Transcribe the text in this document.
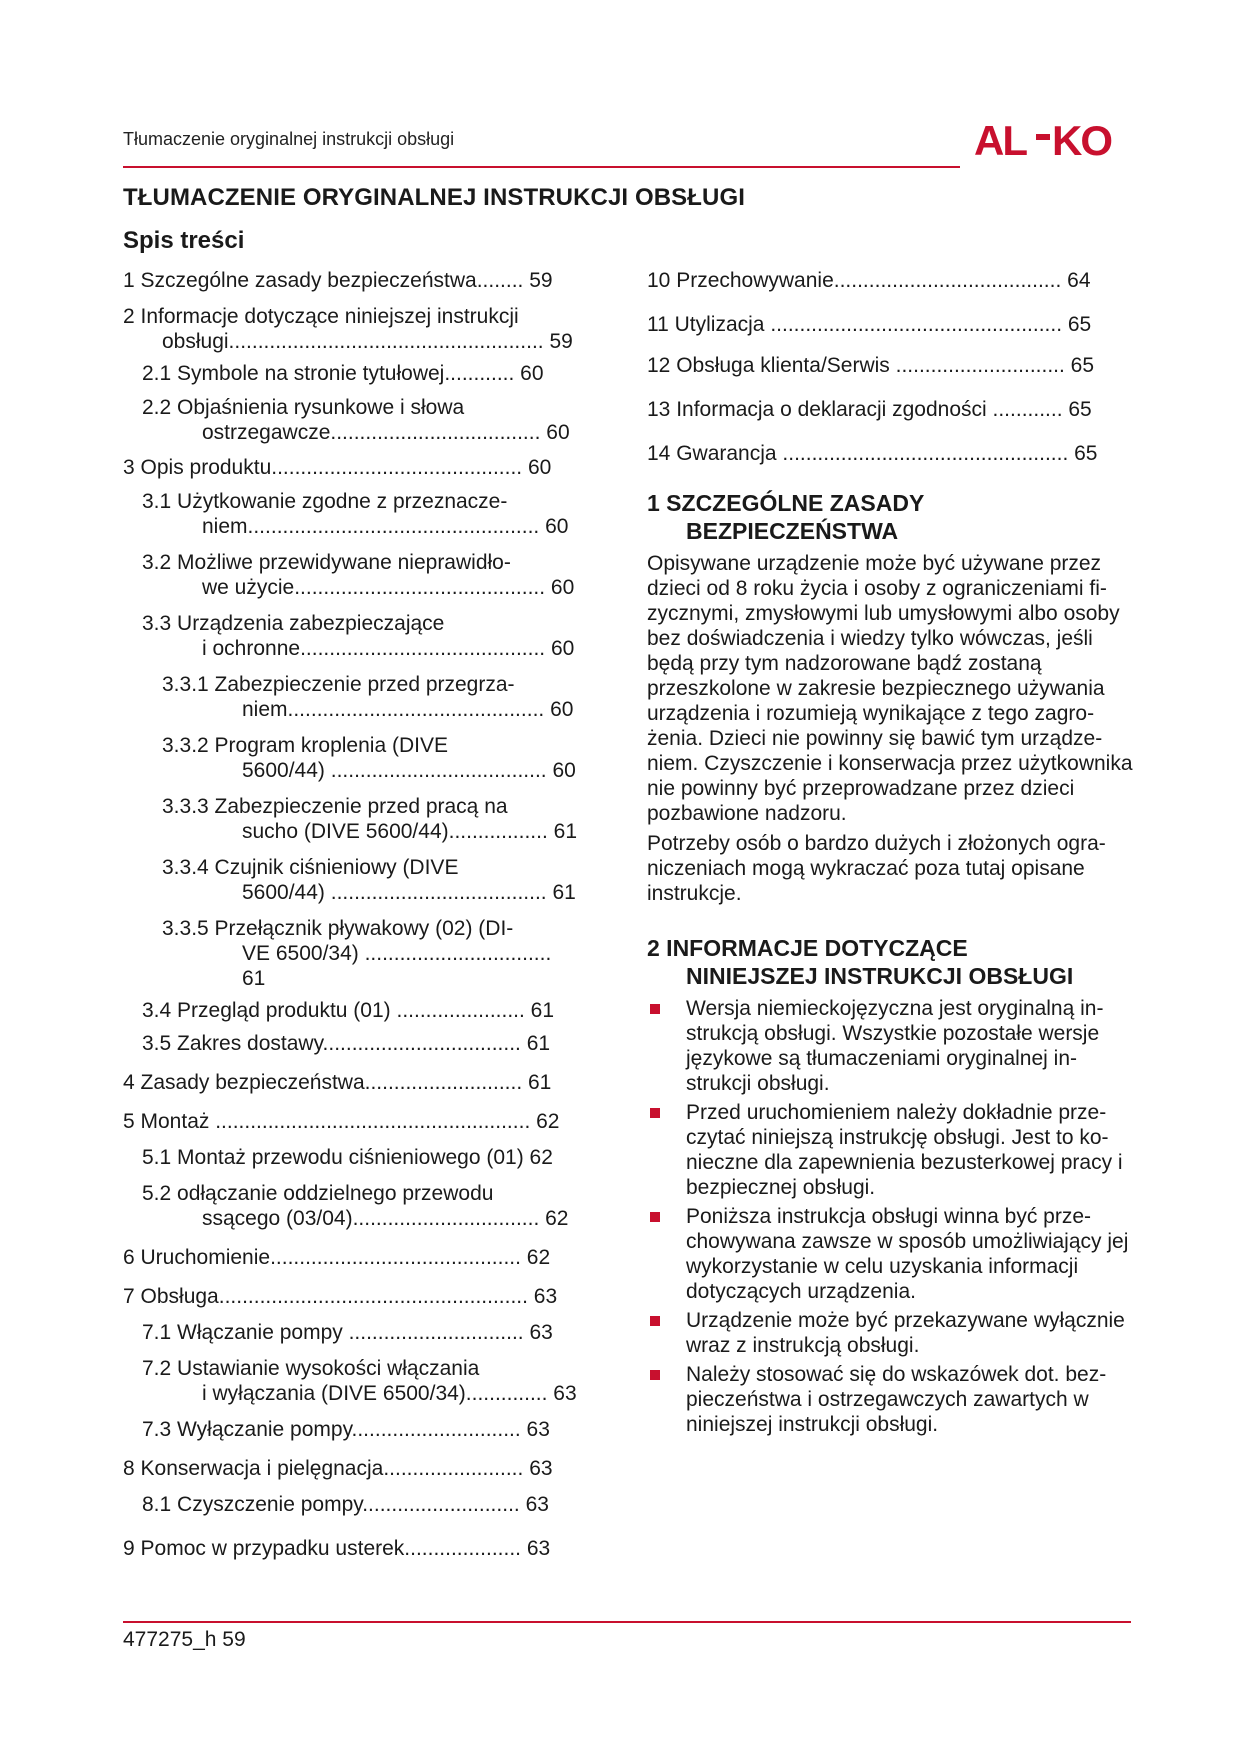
Tłumaczenie oryginalnej instrukcji obsługi	AL KO
TŁUMACZENIE ORYGINALNEJ INSTRUKCJI OBSŁUGI
Spis treści
1 Szczególne zasady bezpieczeństwa........ 59
2 Informacje dotyczące niniejszej instrukcji
obsługi...................................................... 59
2.1 Symbole na stronie tytułowej............ 60
2.2 Objaśnienia rysunkowe i słowa
ostrzegawcze.................................... 60
3 Opis produktu........................................... 60
3.1 Użytkowanie zgodne z przeznacze-
niem.................................................. 60
3.2 Możliwe przewidywane nieprawidło-
we użycie........................................... 60
3.3 Urządzenia zabezpieczające
i ochronne.......................................... 60
3.3.1 Zabezpieczenie przed przegrza-
niem............................................ 60
3.3.2 Program kroplenia (DIVE
5600/44) ..................................... 60
3.3.3 Zabezpieczenie przed pracą na
sucho (DIVE 5600/44)................. 61
3.3.4 Czujnik ciśnieniowy (DIVE
5600/44) ..................................... 61
3.3.5 Przełącznik pływakowy (02) (DI-
VE 6500/34) ................................ 61
3.4 Przegląd produktu (01) ...................... 61
3.5 Zakres dostawy.................................. 61
4 Zasady bezpieczeństwa........................... 61
5 Montaż ...................................................... 62
5.1 Montaż przewodu ciśnieniowego (01) 62
5.2 odłączanie oddzielnego przewodu
ssącego (03/04)................................ 62
6 Uruchomienie........................................... 62
7 Obsługa..................................................... 63
7.1 Włączanie pompy .............................. 63
7.2 Ustawianie wysokości włączania
i wyłączania (DIVE 6500/34).............. 63
7.3 Wyłączanie pompy............................. 63
8 Konserwacja i pielęgnacja........................ 63
8.1 Czyszczenie pompy........................... 63
9 Pomoc w przypadku usterek.................... 63
10 Przechowywanie....................................... 64
11 Utylizacja .................................................. 65
12 Obsługa klienta/Serwis ............................. 65
13 Informacja o deklaracji zgodności ............ 65
14 Gwarancja ................................................. 65
1 SZCZEGÓLNE ZASADY
BEZPIECZEŃSTWA

Opisywane urządzenie może być używane przez dzieci od 8 roku życia i osoby z ograniczeniami fizycznymi, zmysłowymi lub umysłowymi albo osoby bez doświadczenia i wiedzy tylko wówczas, jeśli będą przy tym nadzorowane bądź zostaną przeszkolone w zakresie bezpiecznego używania urządzenia i rozumieją wynikające z tego zagrożenia. Dzieci nie powinny się bawić tym urządzeniem. Czyszczenie i konserwacja przez użytkownika nie powinny być przeprowadzane przez dzieci pozbawione nadzoru.

Potrzeby osób o bardzo dużych i złożonych ograniczeniach mogą wykraczać poza tutaj opisane instrukcje.

2 INFORMACJE DOTYCZĄCE
NINIEJSZEJ INSTRUKCJI OBSŁUGI
Wersja niemieckojęzyczna jest oryginalną instrukcją obsługi. Wszystkie pozostałe wersje językowe są tłumaczeniami oryginalnej instrukcji obsługi.
Przed uruchomieniem należy dokładnie przeczytać niniejszą instrukcję obsługi. Jest to konieczne dla zapewnienia bezusterkowej pracy i bezpiecznej obsługi.
Poniższa instrukcja obsługi winna być przechowywana zawsze w sposób umożliwiający jej wykorzystanie w celu uzyskania informacji dotyczących urządzenia.
Urządzenie może być przekazywane wyłącznie wraz z instrukcją obsługi.
Należy stosować się do wskazówek dot. bezpieczeństwa i ostrzegawczych zawartych w niniejszej instrukcji obsługi.
477275_h 59
